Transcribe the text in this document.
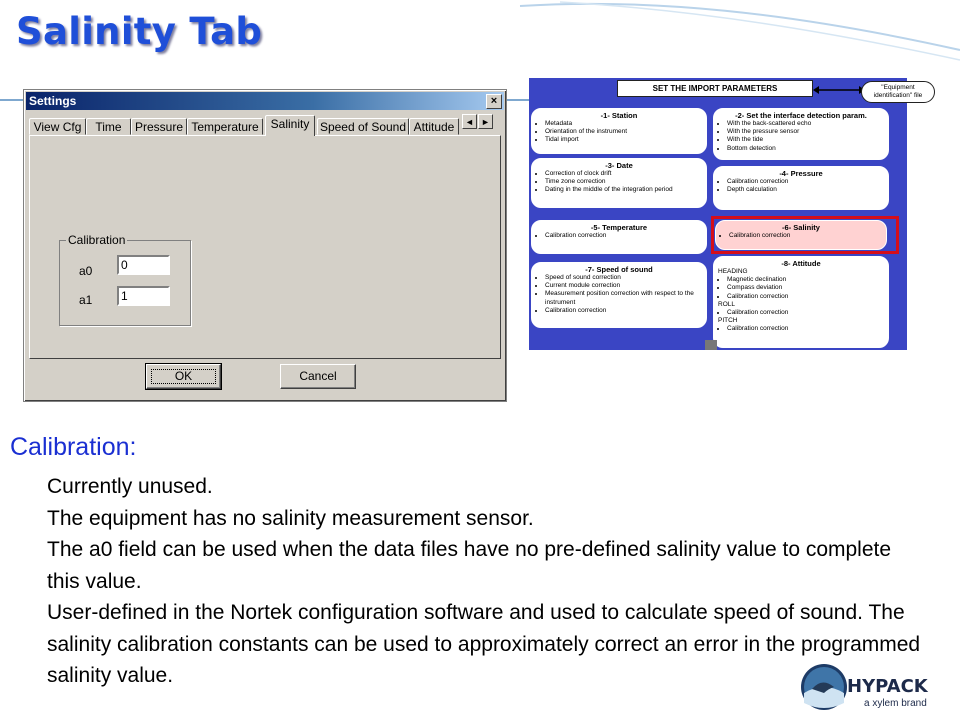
Salinity Tab
Settings	×
View Cfg	Time	Pressure Temperature Salinity Speed of Sound Attitude	◄ ►
Calibration
a0
0
a1
1
OK	Cancel
SET THE IMPORT PARAMETERS	"Equipment
identification" file
-1- Station
• Metadata
• Orientation of the instrument
• Tidal import
-2- Set the interface detection param.
• With the back-scattered echo
• With the pressure sensor
• With the tide
• Bottom detection
-3- Date
• Correction of clock drift
• Time zone correction
• Dating in the middle of the integration period
-4- Pressure
• Calibration correction
• Depth calculation
-5- Temperature
• Calibration correction
-6- Salinity
• Calibration correction
-7- Speed of sound
• Speed of sound correction
• Current module correction
• Measurement position correction with respect to the instrument
• Calibration correction
-8- Attitude
HEADING
• Magnetic declination
• Compass deviation
• Calibration correction
ROLL
• Calibration correction
PITCH
• Calibration correction
Calibration:
Currently unused.
The equipment has no salinity measurement sensor.
The a0 field can be used when the data files have no pre-defined salinity value to complete this value.
User-defined in the Nortek configuration software and used to calculate speed of sound. The salinity calibration constants can be used to approximately correct an error in the programmed salinity value.	HYPACK
a xylem brand
